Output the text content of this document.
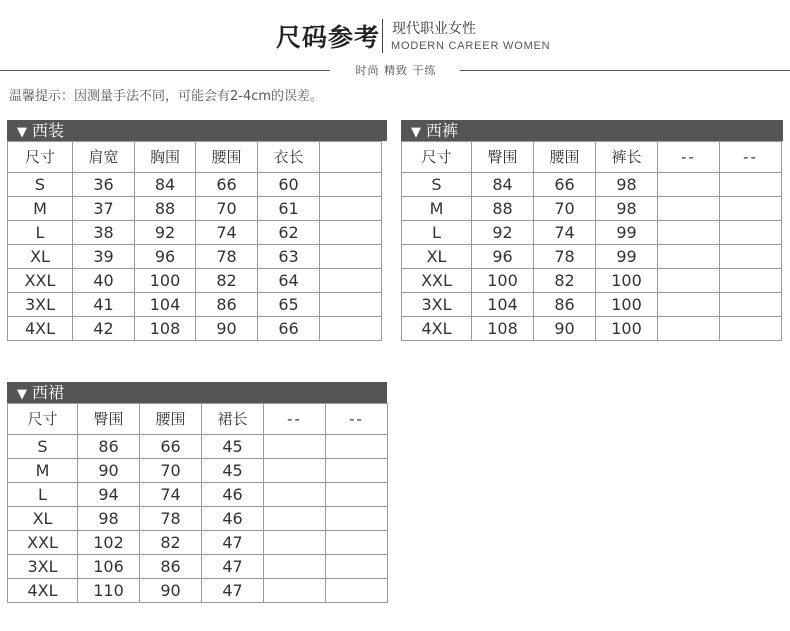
尺码参考 现代职业女性
MODERN CAREER WOMEN
时尚 精致 干练
温馨提示：因测量手法不同，可能会有2-4cm的误差。
▼ 西装
尺寸	肩宽	胸围	腰围	衣长	
S	36	84	66	60	
M	37	88	70	61	
L	38	92	74	62	
XL	39	96	78	63	
XXL	40	100	82	64	
3XL	41	104	86	65	
4XL	42	108	90	66	
▼ 西裤
尺寸	臀围	腰围	裤长	--	--
S	84	66	98		
M	88	70	98		
L	92	74	99		
XL	96	78	99		
XXL	100	82	100		
3XL	104	86	100		
4XL	108	90	100		
▼ 西裙
尺寸	臀围	腰围	裙长	--	--
S	86	66	45		
M	90	70	45		
L	94	74	46		
XL	98	78	46		
XXL	102	82	47		
3XL	106	86	47		
4XL	110	90	47		
